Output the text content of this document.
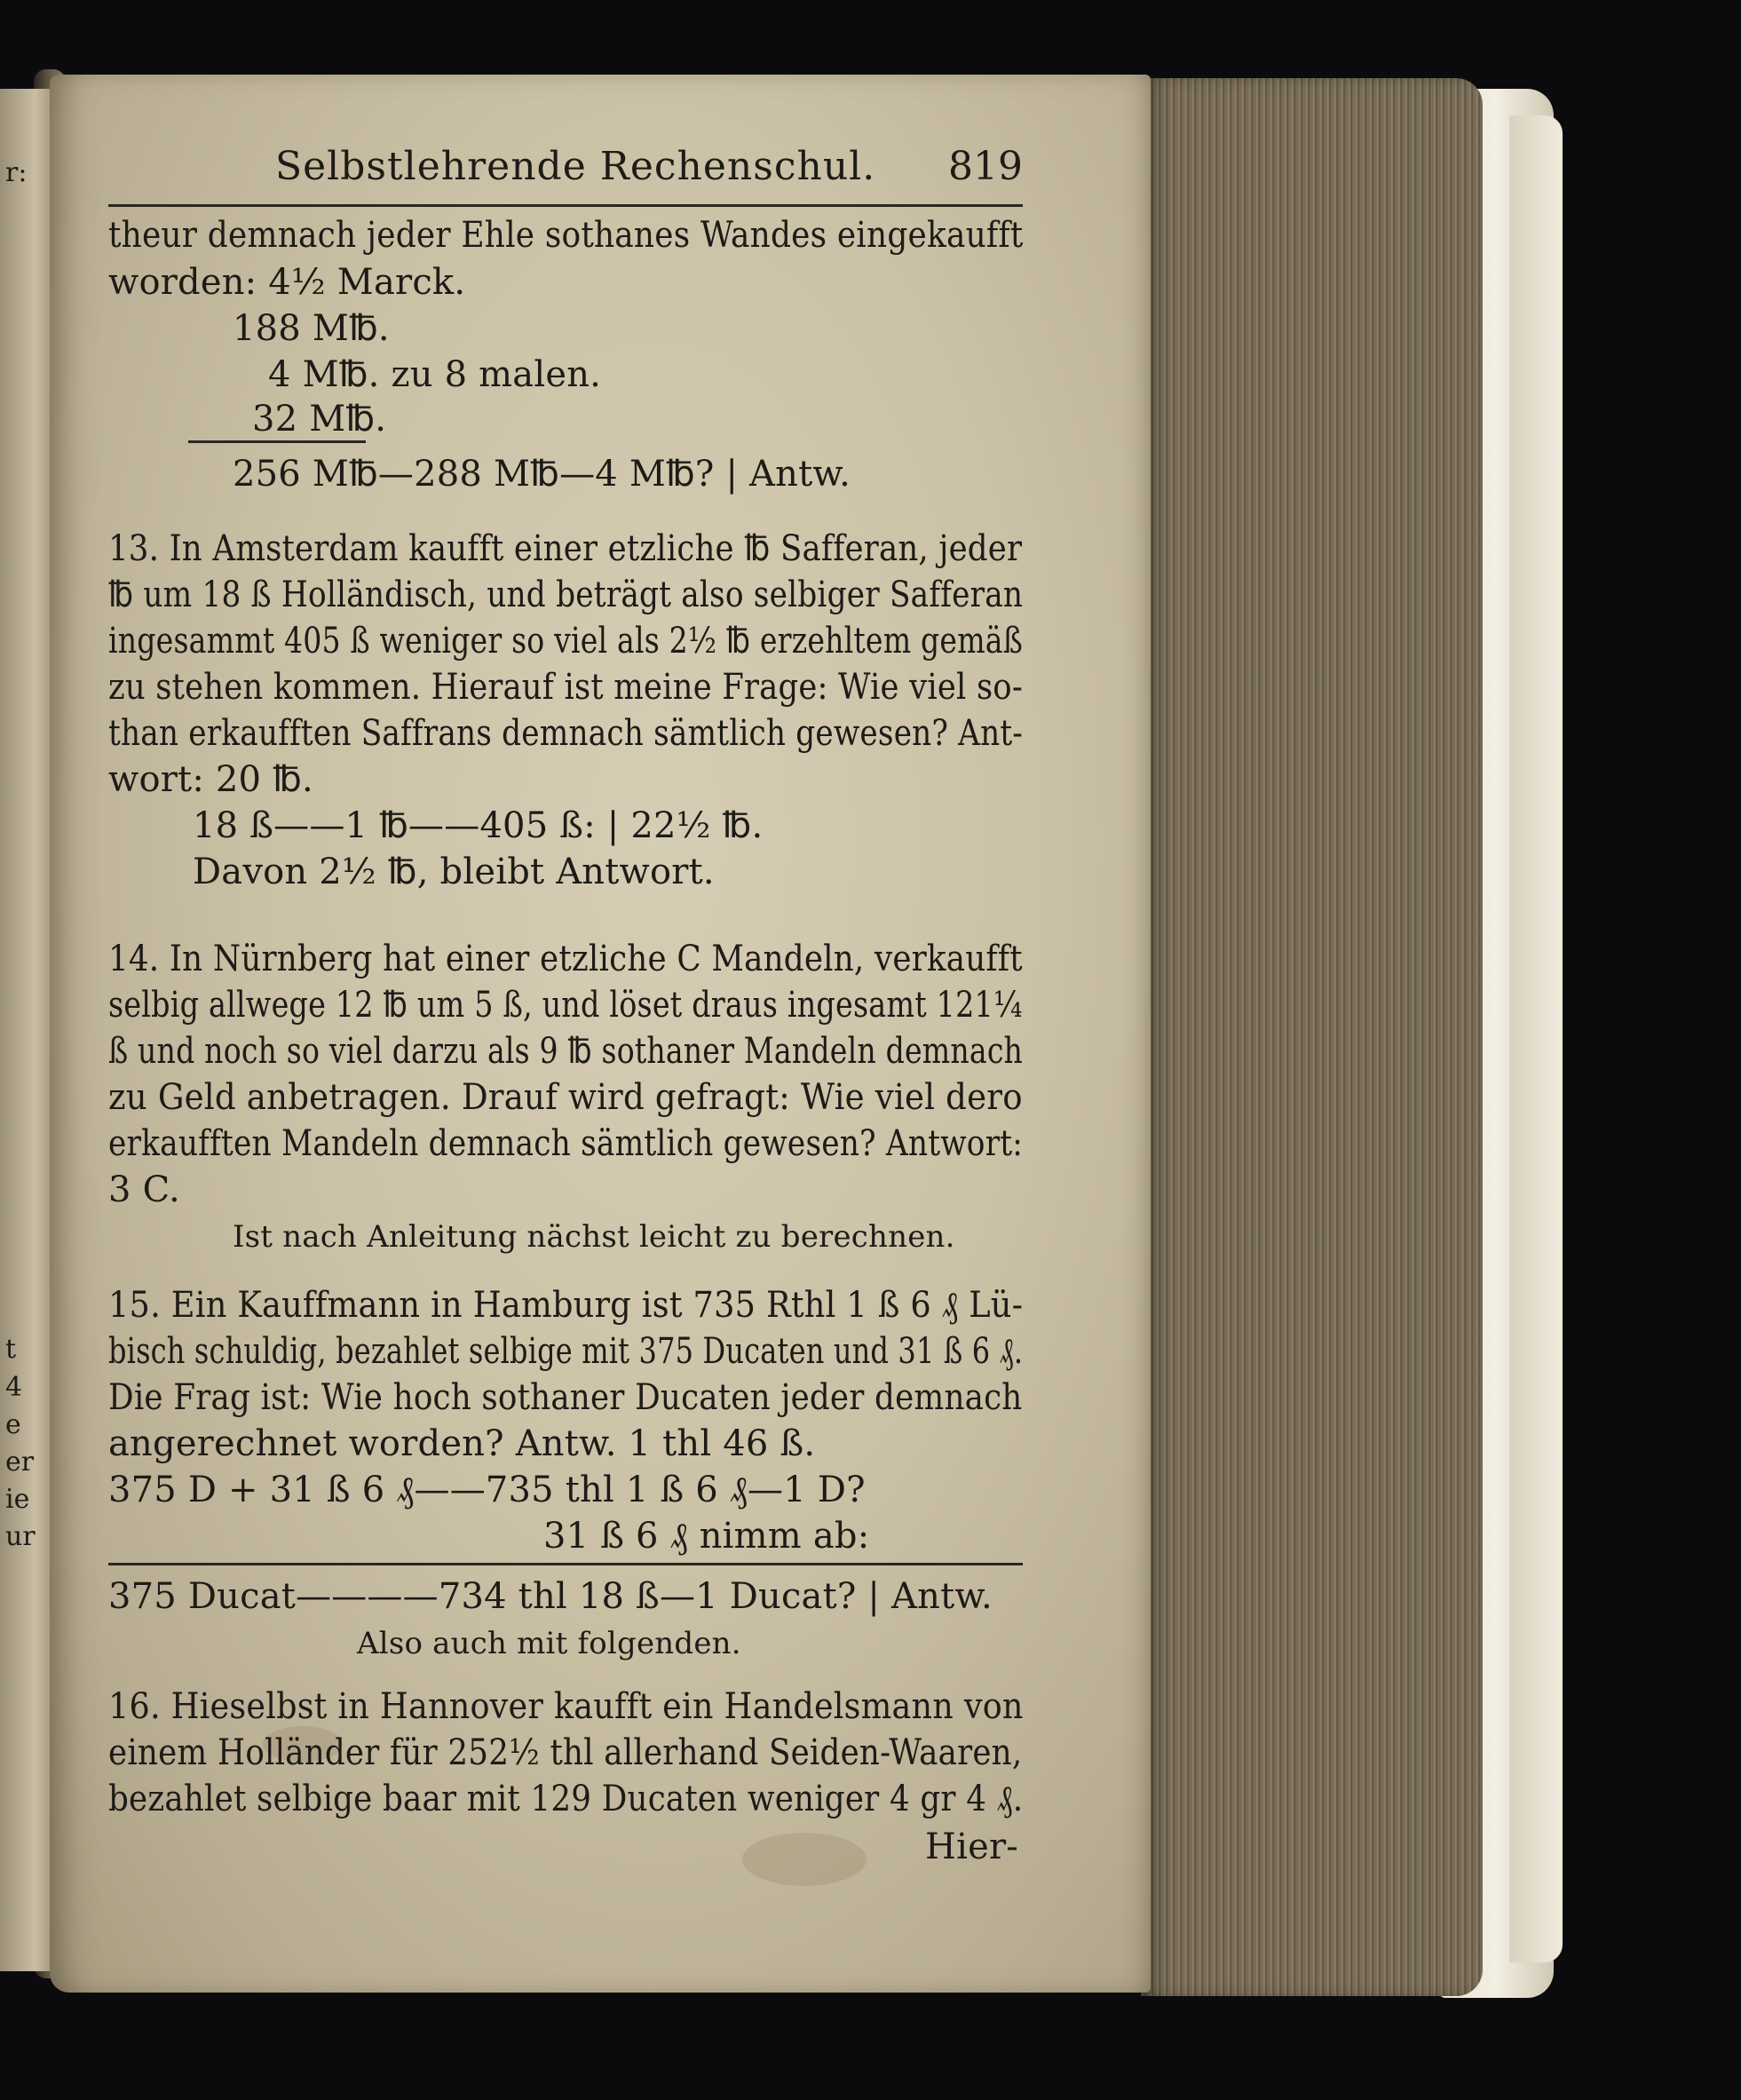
r:
t
4
e
er
ie
ur
Selbstlehrende Rechenschul. 819
theur demnach jeder Ehle sothanes Wandes eingekaufft
worden: 4½ Marck.
188 M℔.
4 M℔. zu 8 malen.
32 M℔.
256 M℔—288 M℔—4 M℔? | Antw.
13. In Amsterdam kaufft einer etzliche ℔ Safferan, jeder
℔ um 18 ß Holländisch, und beträgt also selbiger Safferan
ingesammt 405 ß weniger so viel als 2½ ℔ erzehltem gemäß
zu stehen kommen. Hierauf ist meine Frage: Wie viel so-
than erkaufften Saffrans demnach sämtlich gewesen? Ant-
wort: 20 ℔.
18 ß——1 ℔——405 ß: | 22½ ℔.
Davon 2½ ℔, bleibt Antwort.
14. In Nürnberg hat einer etzliche C Mandeln, verkaufft
selbig allwege 12 ℔ um 5 ß, und löset draus ingesamt 121¼
ß und noch so viel darzu als 9 ℔ sothaner Mandeln demnach
zu Geld anbetragen. Drauf wird gefragt: Wie viel dero
erkaufften Mandeln demnach sämtlich gewesen? Antwort:
3 C.
Ist nach Anleitung nächst leicht zu berechnen.
15. Ein Kauffmann in Hamburg ist 735 Rthl 1 ß 6 ₰ Lü-
bisch schuldig, bezahlet selbige mit 375 Ducaten und 31 ß 6 ₰.
Die Frag ist: Wie hoch sothaner Ducaten jeder demnach
angerechnet worden? Antw. 1 thl 46 ß.
375 D + 31 ß 6 ₰——735 thl 1 ß 6 ₰—1 D?
31 ß 6 ₰ nimm ab:
375 Ducat————734 thl 18 ß—1 Ducat? | Antw.
Also auch mit folgenden.
16. Hieselbst in Hannover kaufft ein Handelsmann von
einem Holländer für 252½ thl allerhand Seiden-Waaren,
bezahlet selbige baar mit 129 Ducaten weniger 4 gr 4 ₰.
Hier-
